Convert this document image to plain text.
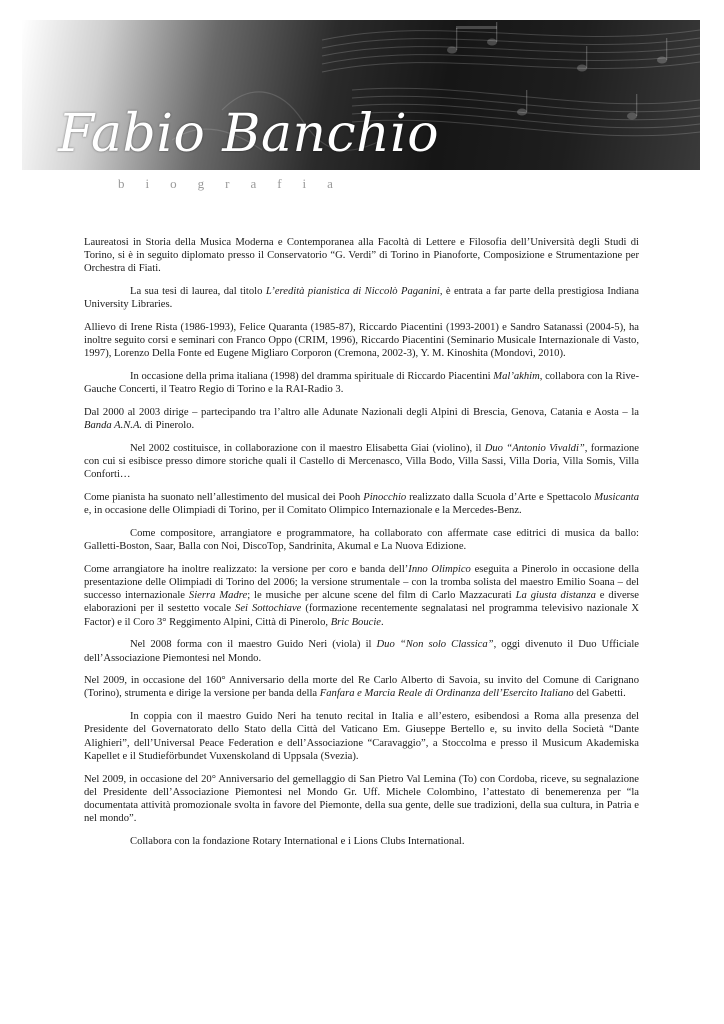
Fabio Banchio
biografia

Laureatosi in Storia della Musica Moderna e Contemporanea alla Facoltà di Lettere e Filosofia dell’Università degli Studi di Torino, si è in seguito diplomato presso il Conservatorio “G. Verdi” di Torino in Pianoforte, Composizione e Strumentazione per Orchestra di Fiati.

La sua tesi di laurea, dal titolo L’eredità pianistica di Niccolò Paganini, è entrata a far parte della prestigiosa Indiana University Libraries.

Allievo di Irene Rista (1986-1993), Felice Quaranta (1985-87), Riccardo Piacentini (1993-2001) e Sandro Satanassi (2004-5), ha inoltre seguito corsi e seminari con Franco Oppo (CRIM, 1996), Riccardo Piacentini (Seminario Musicale Internazionale di Vasto, 1997), Lorenzo Della Fonte ed Eugene Migliaro Corporon (Cremona, 2002-3), Y. M. Kinoshita (Mondovì, 2010).

In occasione della prima italiana (1998) del dramma spirituale di Riccardo Piacentini Mal’akhim, collabora con la Rive-Gauche Concerti, il Teatro Regio di Torino e la RAI-Radio 3.

Dal 2000 al 2003 dirige – partecipando tra l’altro alle Adunate Nazionali degli Alpini di Brescia, Genova, Catania e Aosta – la Banda A.N.A. di Pinerolo.

Nel 2002 costituisce, in collaborazione con il maestro Elisabetta Giai (violino), il Duo “Antonio Vivaldi”, formazione con cui si esibisce presso dimore storiche quali il Castello di Mercenasco, Villa Bodo, Villa Sassi, Villa Doria, Villa Somis, Villa Conforti…

Come pianista ha suonato nell’allestimento del musical dei Pooh Pinocchio realizzato dalla Scuola d’Arte e Spettacolo Musicanta e, in occasione delle Olimpiadi di Torino, per il Comitato Olimpico Internazionale e la Mercedes-Benz.

Come compositore, arrangiatore e programmatore, ha collaborato con affermate case editrici di musica da ballo: Galletti-Boston, Saar, Balla con Noi, DiscoTop, Sandrinita, Akumal e La Nuova Edizione.

Come arrangiatore ha inoltre realizzato: la versione per coro e banda dell’Inno Olimpico eseguita a Pinerolo in occasione della presentazione delle Olimpiadi di Torino del 2006; la versione strumentale – con la tromba solista del maestro Emilio Soana – del successo internazionale Sierra Madre; le musiche per alcune scene del film di Carlo Mazzacurati La giusta distanza e diverse elaborazioni per il sestetto vocale Sei Sottochiave (formazione recentemente segnalatasi nel programma televisivo nazionale X Factor) e il Coro 3° Reggimento Alpini, Città di Pinerolo, Bric Boucie.

Nel 2008 forma con il maestro Guido Neri (viola) il Duo “Non solo Classica”, oggi divenuto il Duo Ufficiale dell’Associazione Piemontesi nel Mondo.

Nel 2009, in occasione del 160° Anniversario della morte del Re Carlo Alberto di Savoia, su invito del Comune di Carignano (Torino), strumenta e dirige la versione per banda della Fanfara e Marcia Reale di Ordinanza dell’Esercito Italiano del Gabetti.

In coppia con il maestro Guido Neri ha tenuto recital in Italia e all’estero, esibendosi a Roma alla presenza del Presidente del Governatorato dello Stato della Città del Vaticano Em. Giuseppe Bertello e, su invito della Società “Dante Alighieri”, dell’Universal Peace Federation e dell’Associazione “Caravaggio”, a Stoccolma e presso il Musicum Akademiska Kapellet e il Studieförbundet Vuxenskoland di Uppsala (Svezia).

Nel 2009, in occasione del 20° Anniversario del gemellaggio di San Pietro Val Lemina (To) con Cordoba, riceve, su segnalazione del Presidente dell’Associazione Piemontesi nel Mondo Gr. Uff. Michele Colombino, l’attestato di benemerenza per “la documentata attività promozionale svolta in favore del Piemonte, della sua gente, delle sue tradizioni, della sua cultura, in Patria e nel mondo”.

Collabora con la fondazione Rotary International e i Lions Clubs International.
